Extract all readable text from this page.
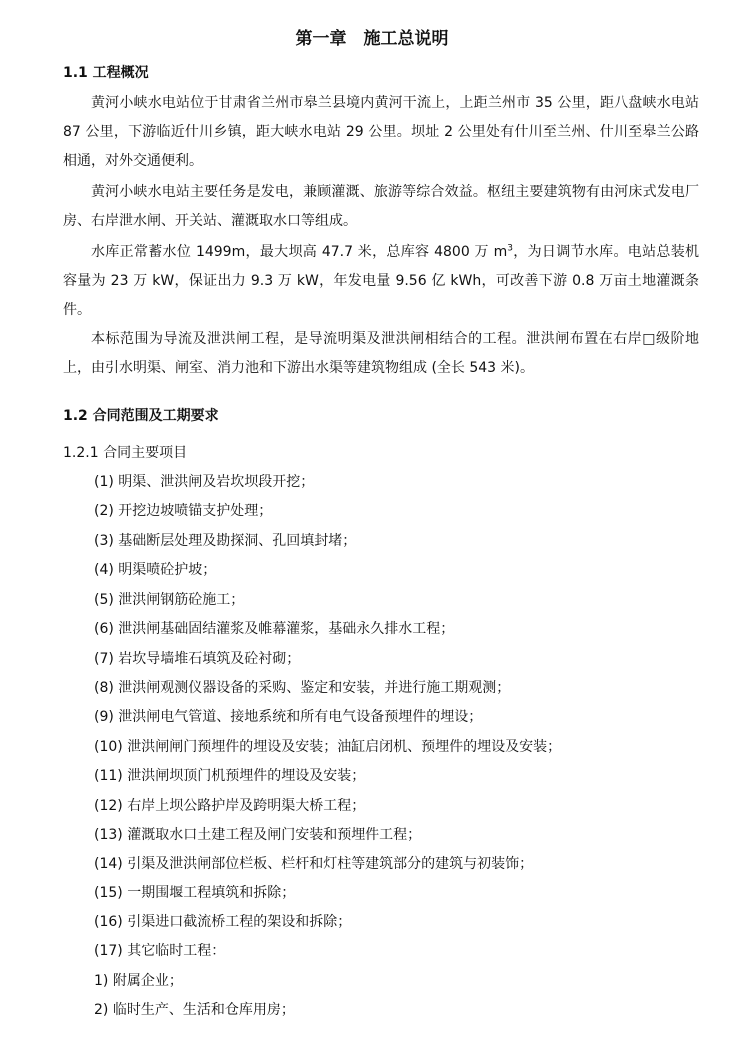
第一章　施工总说明
1.1 工程概况

黄河小峡水电站位于甘肃省兰州市皋兰县境内黄河干流上，上距兰州市 35 公里，距八盘峡水电站 87 公里，下游临近什川乡镇，距大峡水电站 29 公里。坝址 2 公里处有什川至兰州、什川至皋兰公路相通，对外交通便利。

黄河小峡水电站主要任务是发电，兼顾灌溉、旅游等综合效益。枢纽主要建筑物有由河床式发电厂房、右岸泄水闸、开关站、灌溉取水口等组成。

水库正常蓄水位 1499m，最大坝高 47.7 米，总库容 4800 万 $m^3$，为日调节水库。电站总装机容量为 23 万 kW，保证出力 9.3 万 kW，年发电量 9.56 亿 kWh，可改善下游 0.8 万亩土地灌溉条件。

本标范围为导流及泄洪闸工程，是导流明渠及泄洪闸相结合的工程。泄洪闸布置在右岸□级阶地上，由引水明渠、闸室、消力池和下游出水渠等建筑物组成 (全长 543 米)。

1.2 合同范围及工期要求
1.2.1 合同主要项目
(1) 明渠、泄洪闸及岩坎坝段开挖；
(2) 开挖边坡喷锚支护处理；
(3) 基础断层处理及勘探洞、孔回填封堵；
(4) 明渠喷砼护坡；
(5) 泄洪闸钢筋砼施工；
(6) 泄洪闸基础固结灌浆及帷幕灌浆，基础永久排水工程；
(7) 岩坎导墙堆石填筑及砼衬砌；
(8) 泄洪闸观测仪器设备的采购、鉴定和安装，并进行施工期观测；
(9) 泄洪闸电气管道、接地系统和所有电气设备预埋件的埋设；
(10) 泄洪闸闸门预埋件的埋设及安装；油缸启闭机、预埋件的埋设及安装；
(11) 泄洪闸坝顶门机预埋件的埋设及安装；
(12) 右岸上坝公路护岸及跨明渠大桥工程；
(13) 灌溉取水口土建工程及闸门安装和预埋件工程；
(14) 引渠及泄洪闸部位栏板、栏杆和灯柱等建筑部分的建筑与初装饰；
(15) 一期围堰工程填筑和拆除；
(16) 引渠进口截流桥工程的架设和拆除；
(17) 其它临时工程：
1) 附属企业；
2) 临时生产、生活和仓库用房；
